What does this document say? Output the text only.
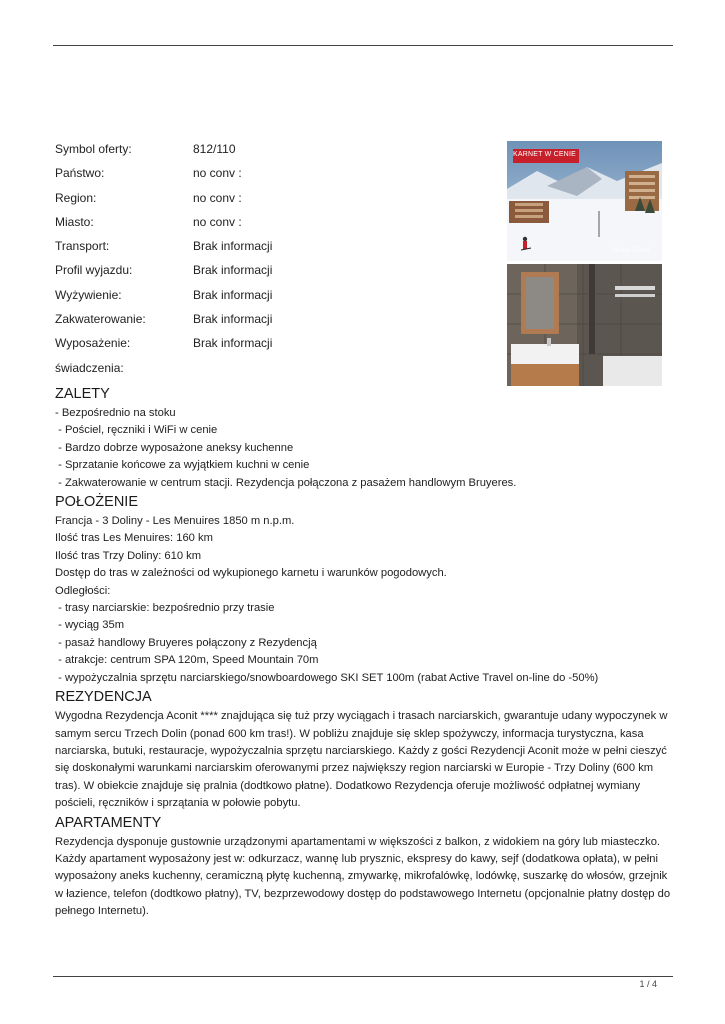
Symbol oferty:	812/110
Państwo:	no conv :
Region:	no conv :
Miasto:	no conv :
Transport:	Brak informacji
Profil wyjazdu:	Brak informacji
Wyżywienie:	Brak informacji
Zakwaterowanie:	Brak informacji
Wyposażenie:	Brak informacji
świadczenia:
KARNET W CENIE
Active Travel
ZALETY
- Bezpośrednio na stoku
- Pościel, ręczniki i WiFi w cenie
- Bardzo dobrze wyposażone aneksy kuchenne
- Sprzatanie końcowe za wyjątkiem kuchni w cenie
- Zakwaterowanie w centrum stacji. Rezydencja połączona z pasażem handlowym Bruyeres.
POŁOŻENIE
Francja - 3 Doliny - Les Menuires 1850 m n.p.m.
Ilość tras Les Menuires: 160 km
Ilość tras Trzy Doliny: 610 km
Dostęp do tras w zależności od wykupionego karnetu i warunków pogodowych.
Odległości:
- trasy narciarskie: bezpośrednio przy trasie
- wyciąg 35m
- pasaż handlowy Bruyeres połączony z Rezydencją
- atrakcje: centrum SPA 120m, Speed Mountain 70m
- wypożyczalnia sprzętu narciarskiego/snowboardowego SKI SET 100m (rabat Active Travel on-line do -50%)
REZYDENCJA

Wygodna Rezydencja Aconit **** znajdująca się tuż przy wyciągach i trasach narciarskich, gwarantuje udany wypoczynek w samym sercu Trzech Dolin (ponad 600 km tras!). W pobliżu znajduje się sklep spożywczy, informacja turystyczna, kasa narciarska, butuki, restauracje, wypożyczalnia sprzętu narciarskiego. Każdy z gości Rezydencji Aconit może w pełni cieszyć się doskonałymi warunkami narciarskim oferowanymi przez największy region narciarski w Europie - Trzy Doliny (600 km tras). W obiekcie znajduje się pralnia (dodtkowo płatne). Dodatkowo Rezydencja oferuje możliwość odpłatnej wymiany pościeli, ręczników i sprzątania w połowie pobytu.

APARTAMENTY

Rezydencja dysponuje gustownie urządzonymi apartamentami w większości z balkon, z widokiem na góry lub miasteczko. Każdy apartament wyposażony jest w: odkurzacz, wannę lub prysznic, ekspresy do kawy, sejf (dodatkowa opłata), w pełni wyposażony aneks kuchenny, ceramiczną płytę kuchenną, zmywarkę, mikrofalówkę, lodówkę, suszarkę do włosów, grzejnik w łazience, telefon (dodtkowo płatny), TV, bezprzewodowy dostęp do podstawowego Internetu (opcjonalnie płatny dostęp do pełnego Internetu).

1 / 4
